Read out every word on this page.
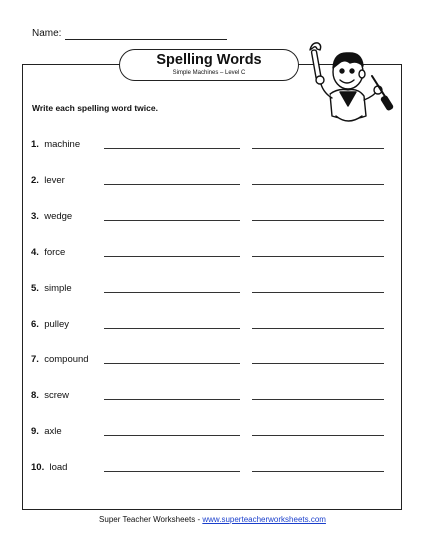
Name:
Spelling Words
Simple Machines – Level C
Write each spelling word twice.
1. machine
2. lever
3. wedge
4. force
5. simple
6. pulley
7. compound
8. screw
9. axle
10. load
Super Teacher Worksheets - www.superteacherworksheets.com
